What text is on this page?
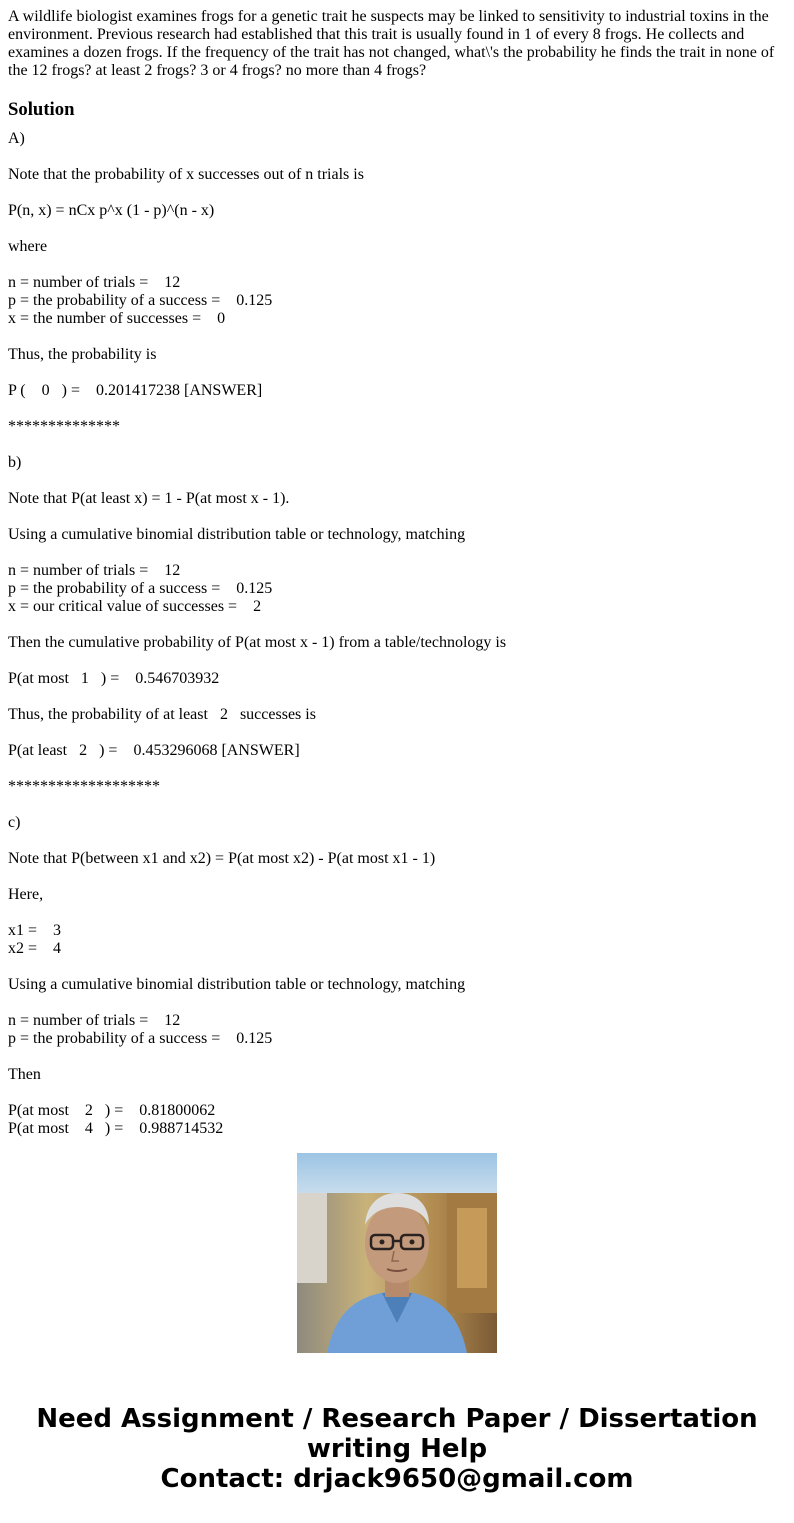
A wildlife biologist examines frogs for a genetic trait he suspects may be linked to sensitivity to industrial toxins in the environment. Previous research had established that this trait is usually found in 1 of every 8 frogs. He collects and examines a dozen frogs. If the frequency of the trait has not changed, what\'s the probability he finds the trait in none of the 12 frogs? at least 2 frogs? 3 or 4 frogs? no more than 4 frogs?

Solution

A)

Note that the probability of x successes out of n trials is

P(n, x) = nCx p^x (1 - p)^(n - x)

where

n = number of trials =    12
p = the probability of a success =    0.125
x = the number of successes =    0

Thus, the probability is

P (    0   ) =    0.201417238 [ANSWER]

**************

b)

Note that P(at least x) = 1 - P(at most x - 1).

Using a cumulative binomial distribution table or technology, matching

n = number of trials =    12
p = the probability of a success =    0.125
x = our critical value of successes =    2

Then the cumulative probability of P(at most x - 1) from a table/technology is

P(at most   1   ) =    0.546703932

Thus, the probability of at least   2   successes is

P(at least   2   ) =    0.453296068 [ANSWER]

*******************

c)

Note that P(between x1 and x2) = P(at most x2) - P(at most x1 - 1)

Here,

x1 =    3
x2 =    4

Using a cumulative binomial distribution table or technology, matching

n = number of trials =    12
p = the probability of a success =    0.125

Then

P(at most    2   ) =    0.81800062
P(at most    4   ) =    0.988714532
Need Assignment / Research Paper / Dissertation
writing Help
Contact: drjack9650@gmail.com
